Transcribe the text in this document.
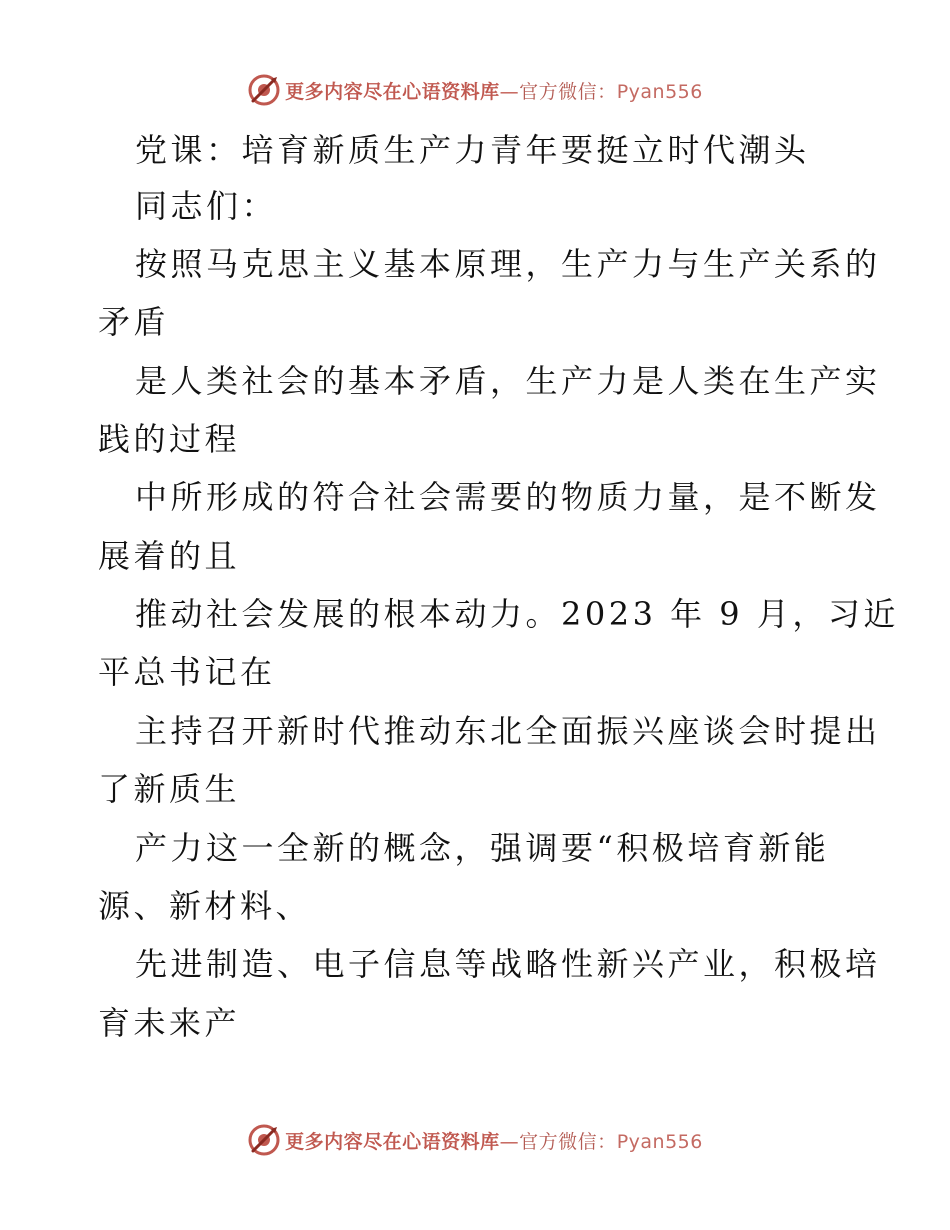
更多内容尽在心语资料库—官方微信：Pyan556
党课：培育新质生产力青年要挺立时代潮头
同志们：
按照马克思主义基本原理，生产力与生产关系的
矛盾
是人类社会的基本矛盾，生产力是人类在生产实
践的过程
中所形成的符合社会需要的物质力量，是不断发
展着的且
推动社会发展的根本动力。2023 年 9 月，习近
平总书记在
主持召开新时代推动东北全面振兴座谈会时提出
了新质生
产力这一全新的概念，强调要“积极培育新能
源、新材料、
先进制造、电子信息等战略性新兴产业，积极培
育未来产
更多内容尽在心语资料库—官方微信：Pyan556
